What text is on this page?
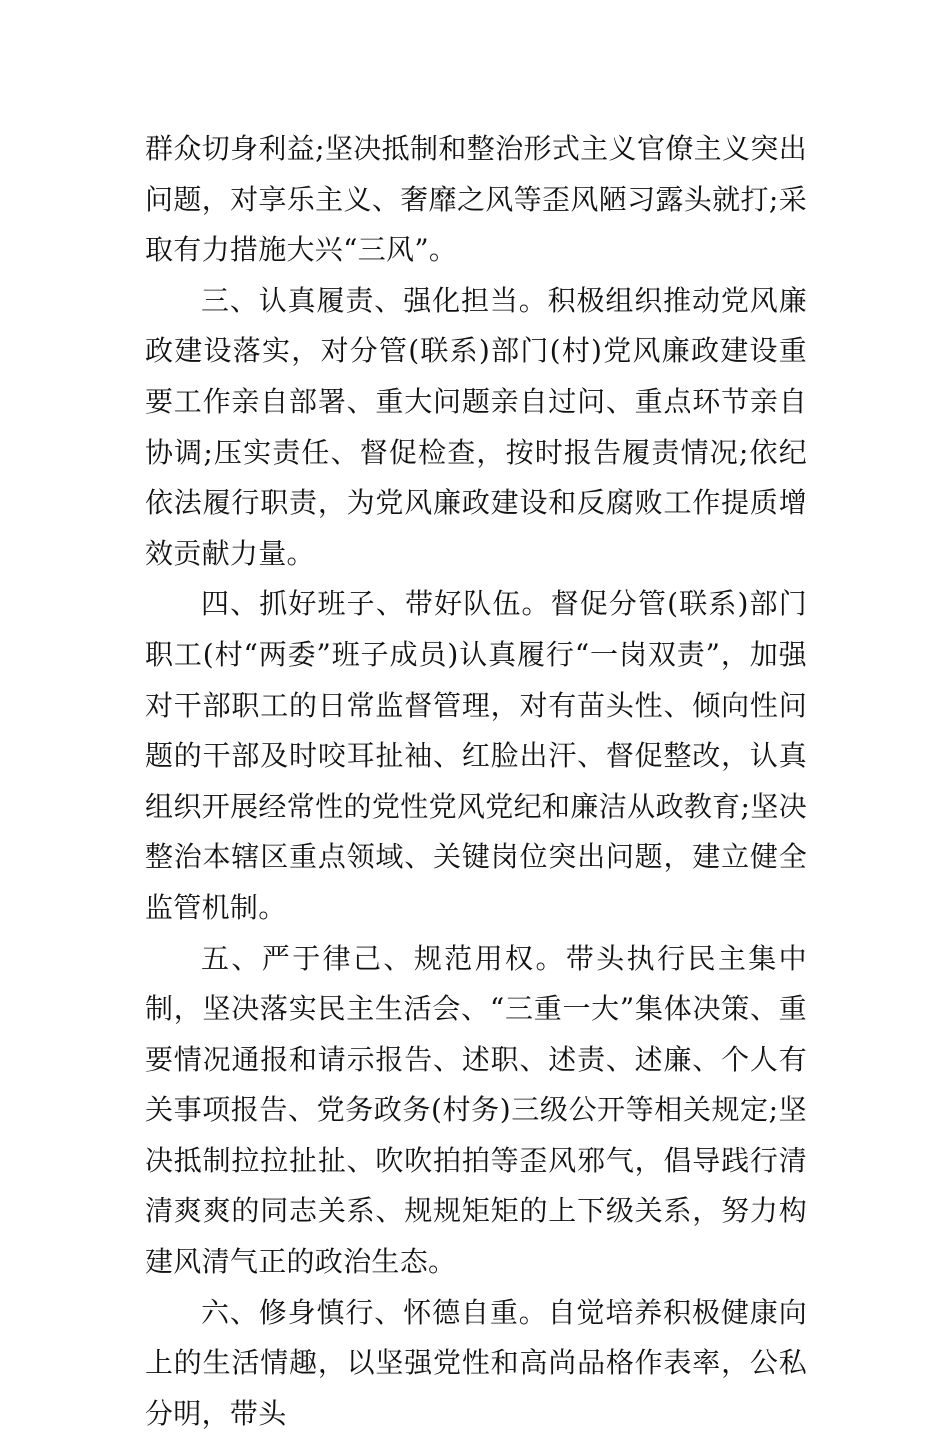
群众切身利益;坚决抵制和整治形式主义官僚主义突出问题，对享乐主义、奢靡之风等歪风陋习露头就打;采取有力措施大兴“三风”。

三、认真履责、强化担当。积极组织推动党风廉政建设落实，对分管(联系)部门(村)党风廉政建设重要工作亲自部署、重大问题亲自过问、重点环节亲自协调;压实责任、督促检查，按时报告履责情况;依纪依法履行职责，为党风廉政建设和反腐败工作提质增效贡献力量。

四、抓好班子、带好队伍。督促分管(联系)部门职工(村“两委”班子成员)认真履行“一岗双责”，加强对干部职工的日常监督管理，对有苗头性、倾向性问题的干部及时咬耳扯袖、红脸出汗、督促整改，认真组织开展经常性的党性党风党纪和廉洁从政教育;坚决整治本辖区重点领域、关键岗位突出问题，建立健全监管机制。

五、严于律己、规范用权。带头执行民主集中制，坚决落实民主生活会、“三重一大”集体决策、重要情况通报和请示报告、述职、述责、述廉、个人有关事项报告、党务政务(村务)三级公开等相关规定;坚决抵制拉拉扯扯、吹吹拍拍等歪风邪气，倡导践行清清爽爽的同志关系、规规矩矩的上下级关系，努力构建风清气正的政治生态。

六、修身慎行、怀德自重。自觉培养积极健康向上的生活情趣，以坚强党性和高尚品格作表率，公私分明，带头
